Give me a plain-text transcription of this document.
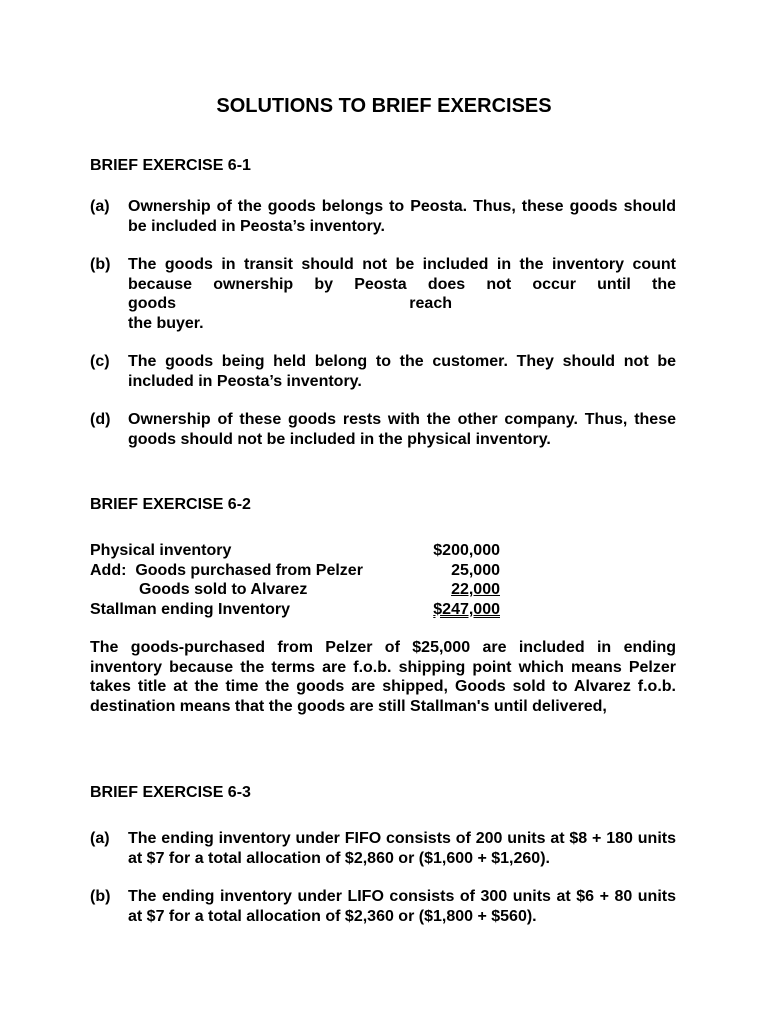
SOLUTIONS TO BRIEF EXERCISES
BRIEF EXERCISE 6-1
(a) Ownership of the goods belongs to Peosta. Thus, these goods should be included in Peosta’s inventory.
The goods in transit should not be included in the inventory count because ownership by Peosta does not occur until the goods reach
the buyer.
(b)
(c) The goods being held belong to the customer. They should not be included in Peosta’s inventory.
(d) Ownership of these goods rests with the other company. Thus, these goods should not be included in the physical inventory.
BRIEF EXERCISE 6-2
Physical inventory	$200,000
Add:  Goods purchased from Pelzer	25,000
Goods sold to Alvarez	22,000
Stallman ending Inventory	$247,000
The goods-purchased from Pelzer of $25,000 are included in ending inventory because the terms are f.o.b. shipping point which means Pelzer takes title at the time the goods are shipped, Goods sold to Alvarez f.o.b. destination means that the goods are still Stallman's until delivered,
BRIEF EXERCISE 6-3
(a) The ending inventory under FIFO consists of 200 units at $8 + 180 units at $7 for a total allocation of $2,860 or ($1,600 + $1,260).
(b) The ending inventory under LIFO consists of 300 units at $6 + 80 units at $7 for a total allocation of $2,360 or ($1,800 + $560).
